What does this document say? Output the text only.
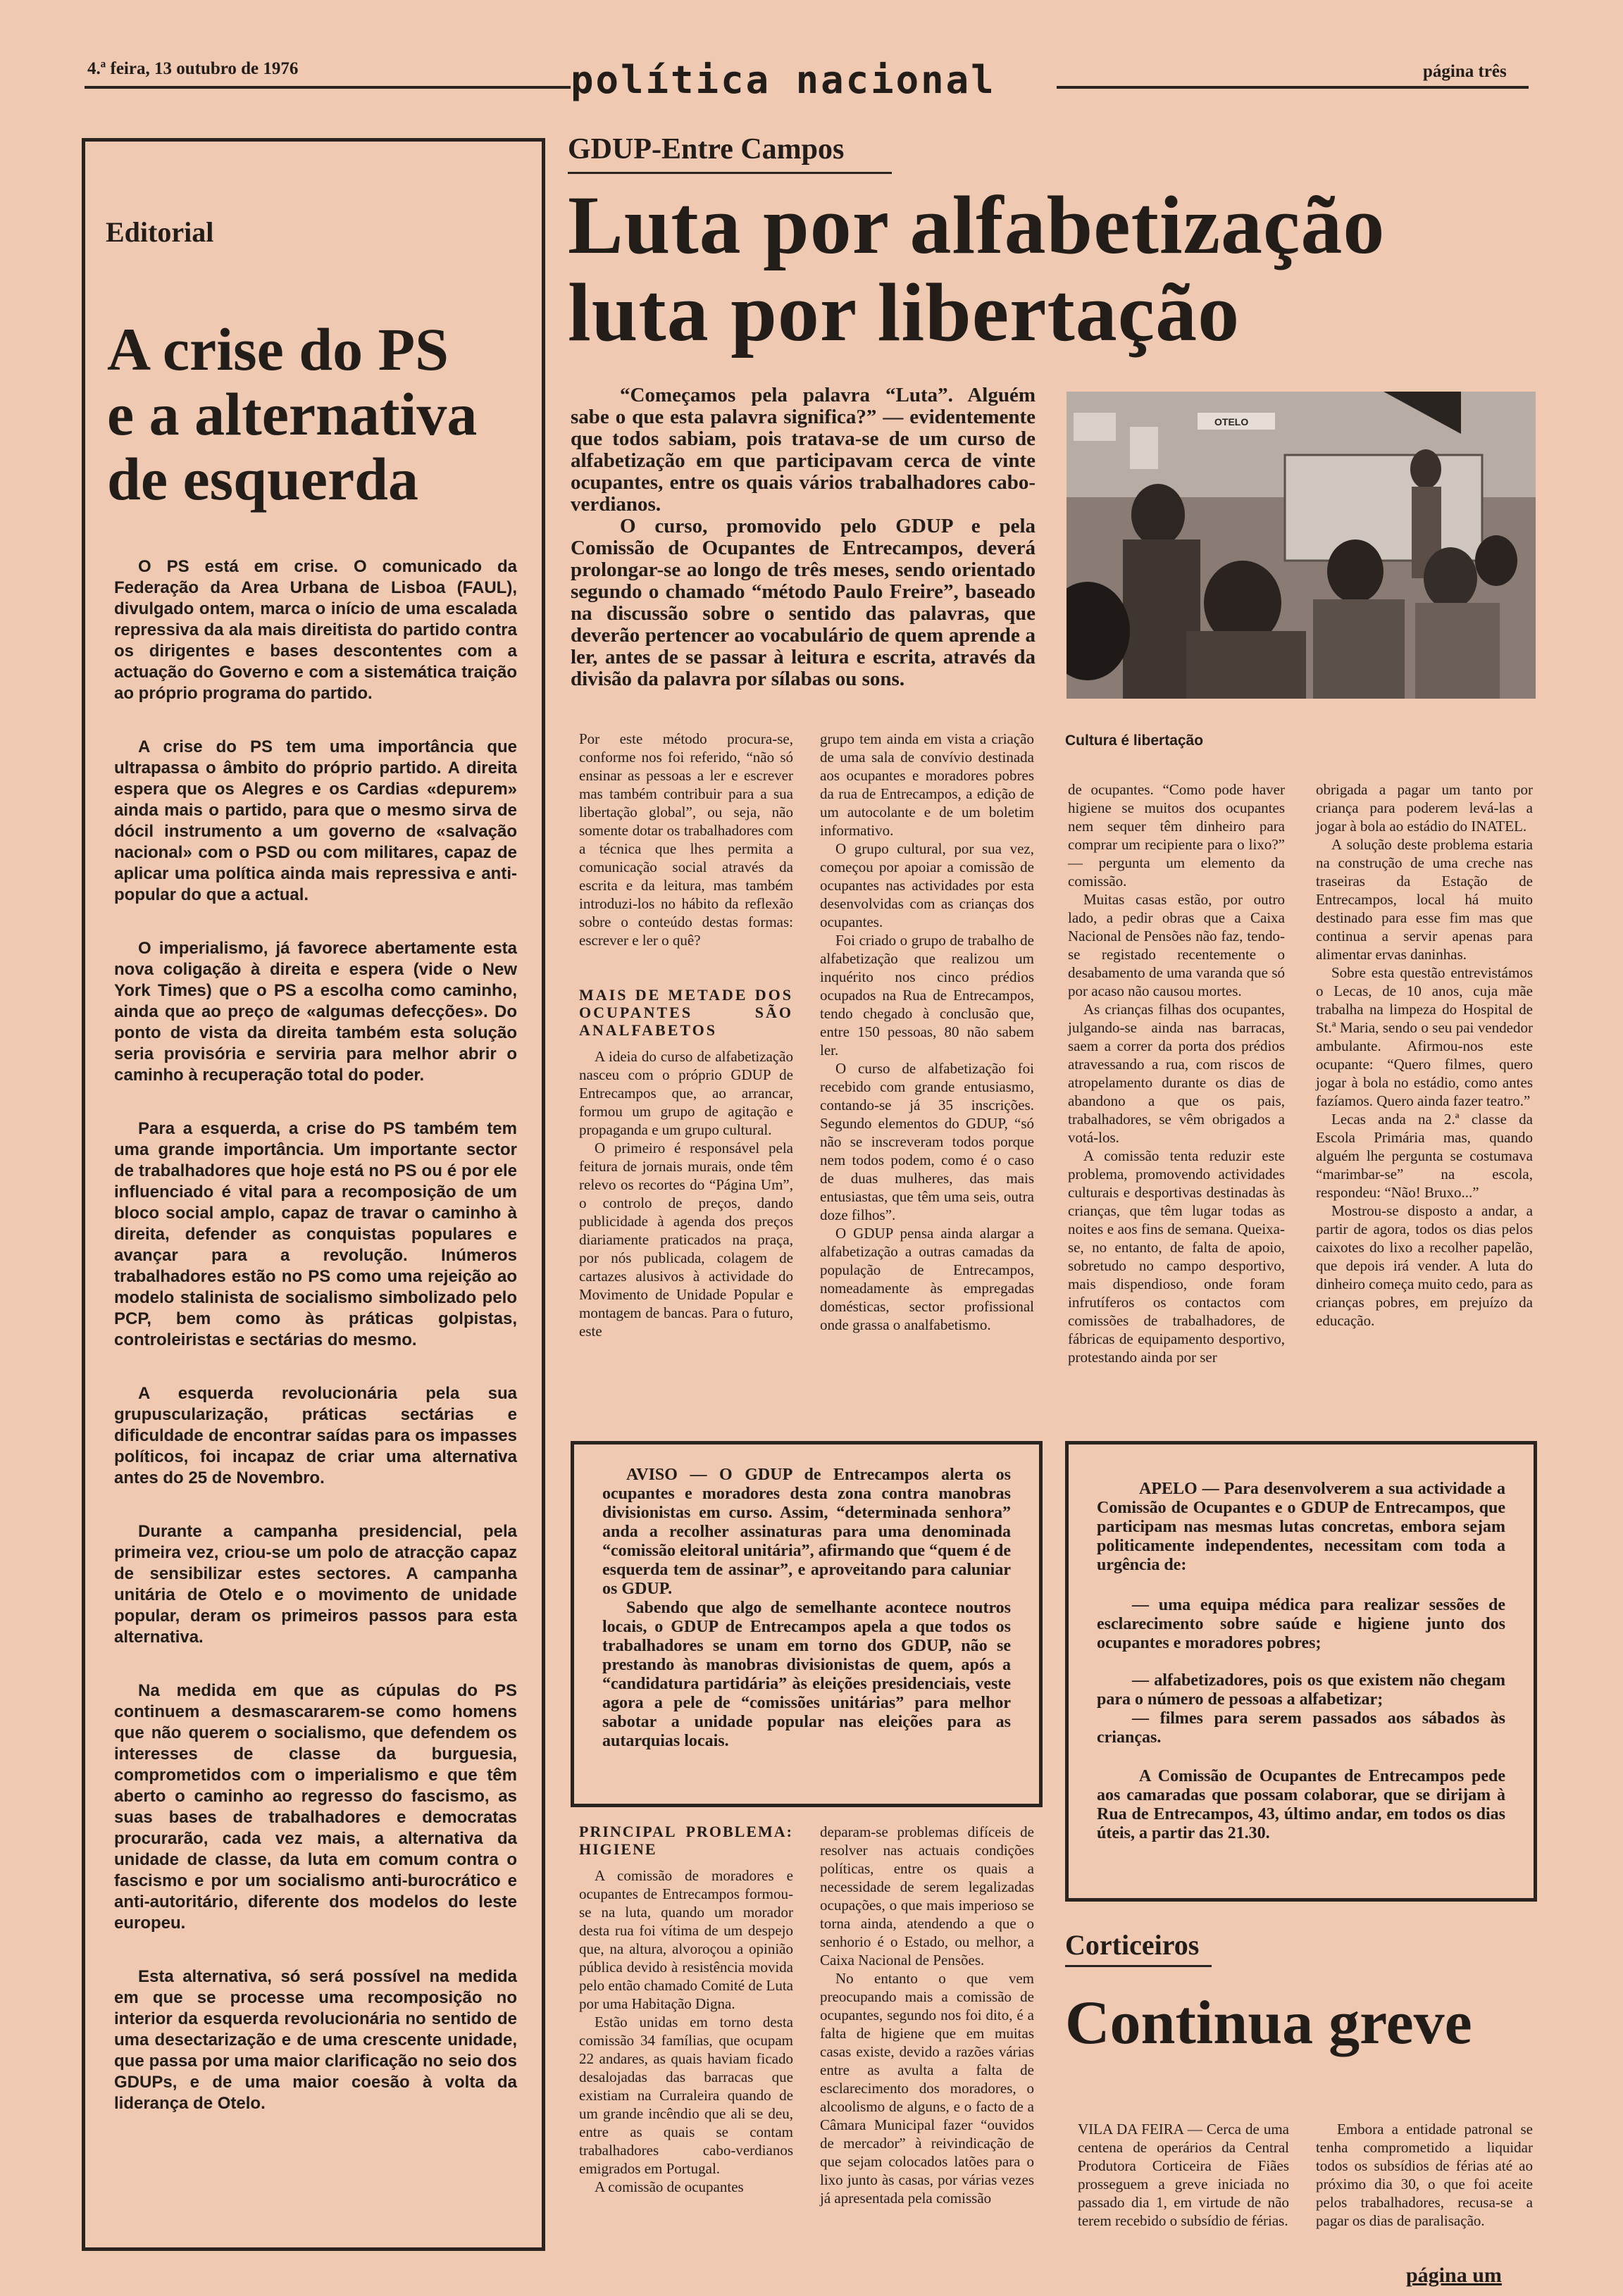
4.ª feira, 13 outubro de 1976	política nacional	página três
Editorial
A crise do PS
e a alternativa
de esquerda

O PS está em crise. O comunicado da Federação da Area Urbana de Lisboa (FAUL), divulgado ontem, marca o início de uma escalada repressiva da ala mais direitista do partido contra os dirigentes e bases descontentes com a actuação do Governo e com a sistemática traição ao próprio programa do partido.

A crise do PS tem uma importância que ultrapassa o âmbito do próprio partido. A direita espera que os Alegres e os Cardias «depurem» ainda mais o partido, para que o mesmo sirva de dócil instrumento a um governo de «salvação nacional» com o PSD ou com militares, capaz de aplicar uma política ainda mais repressiva e anti-popular do que a actual.

O imperialismo, já favorece abertamente esta nova coligação à direita e espera (vide o New York Times) que o PS a escolha como caminho, ainda que ao preço de «algumas defecções». Do ponto de vista da direita também esta solução seria provisória e serviria para melhor abrir o caminho à recuperação total do poder.

Para a esquerda, a crise do PS também tem uma grande importância. Um importante sector de trabalhadores que hoje está no PS ou é por ele influenciado é vital para a recomposição de um bloco social amplo, capaz de travar o caminho à direita, defender as conquistas populares e avançar para a revolução. Inúmeros trabalhadores estão no PS como uma rejeição ao modelo stalinista de socialismo simbolizado pelo PCP, bem como às práticas golpistas, controleiristas e sectárias do mesmo.

A esquerda revolucionária pela sua grupuscularização, práticas sectárias e dificuldade de encontrar saídas para os impasses políticos, foi incapaz de criar uma alternativa antes do 25 de Novembro.

Durante a campanha presidencial, pela primeira vez, criou-se um polo de atracção capaz de sensibilizar estes sectores. A campanha unitária de Otelo e o movimento de unidade popular, deram os primeiros passos para esta alternativa.

Na medida em que as cúpulas do PS continuem a desmascararem-se como homens que não querem o socialismo, que defendem os interesses de classe da burguesia, comprometidos com o imperialismo e que têm aberto o caminho ao regresso do fascismo, as suas bases de trabalhadores e democratas procurarão, cada vez mais, a alternativa da unidade de classe, da luta em comum contra o fascismo e por um socialismo anti-burocrático e anti-autoritário, diferente dos modelos do leste europeu.

Esta alternativa, só será possível na medida em que se processe uma recomposição no interior da esquerda revolucionária no sentido de uma desectarização e de uma crescente unidade, que passa por uma maior clarificação no seio dos GDUPs, e de uma maior coesão à volta da liderança de Otelo.

GDUP-Entre Campos
Luta por alfabetização
luta por libertação

“Começamos pela palavra “Luta”. Alguém sabe o que esta palavra significa?” — evidentemente que todos sabiam, pois tratava-se de um curso de alfabetização em que participavam cerca de vinte ocupantes, entre os quais vários trabalhadores cabo-verdianos.

O curso, promovido pelo GDUP e pela Comissão de Ocupantes de Entrecampos, deverá prolongar-se ao longo de três meses, sendo orientado segundo o chamado “método Paulo Freire”, baseado na discussão sobre o sentido das palavras, que deverão pertencer ao vocabulário de quem aprende a ler, antes de se passar à leitura e escrita, através da divisão da palavra por sílabas ou sons.

OTELO
Cultura é libertação

Por este método procura-se, conforme nos foi referido, “não só ensinar as pessoas a ler e escrever mas também contribuir para a sua libertação global”, ou seja, não somente dotar os trabalhadores com a técnica que lhes permita a comunicação social através da escrita e da leitura, mas também introduzi-los no hábito da reflexão sobre o conteúdo destas formas: escrever e ler o quê?

MAIS DE METADE DOS OCUPANTES SÃO ANALFABETOS

A ideia do curso de alfabetização nasceu com o próprio GDUP de Entrecampos que, ao arrancar, formou um grupo de agitação e propaganda e um grupo cultural.

O primeiro é responsável pela feitura de jornais murais, onde têm relevo os recortes do “Página Um”, o controlo de preços, dando publicidade à agenda dos preços diariamente praticados na praça, por nós publicada, colagem de cartazes alusivos à actividade do Movimento de Unidade Popular e montagem de bancas. Para o futuro, este

grupo tem ainda em vista a criação de uma sala de convívio destinada aos ocupantes e moradores pobres da rua de Entrecampos, a edição de um autocolante e de um boletim informativo.

O grupo cultural, por sua vez, começou por apoiar a comissão de ocupantes nas actividades por esta desenvolvidas com as crianças dos ocupantes.

Foi criado o grupo de trabalho de alfabetização que realizou um inquérito nos cinco prédios ocupados na Rua de Entrecampos, tendo chegado à conclusão que, entre 150 pessoas, 80 não sabem ler.

O curso de alfabetização foi recebido com grande entusiasmo, contando-se já 35 inscrições. Segundo elementos do GDUP, “só não se inscreveram todos porque nem todos podem, como é o caso de duas mulheres, das mais entusiastas, que têm uma seis, outra doze filhos”.

O GDUP pensa ainda alargar a alfabetização a outras camadas da população de Entrecampos, nomeadamente às empregadas domésticas, sector profissional onde grassa o analfabetismo.

de ocupantes. “Como pode haver higiene se muitos dos ocupantes nem sequer têm dinheiro para comprar um recipiente para o lixo?” — pergunta um elemento da comissão.

Muitas casas estão, por outro lado, a pedir obras que a Caixa Nacional de Pensões não faz, tendo-se registado recentemente o desabamento de uma varanda que só por acaso não causou mortes.

As crianças filhas dos ocupantes, julgando-se ainda nas barracas, saem a correr da porta dos prédios atravessando a rua, com riscos de atropelamento durante os dias de abandono a que os pais, trabalhadores, se vêm obrigados a votá-los.

A comissão tenta reduzir este problema, promovendo actividades culturais e desportivas destinadas às crianças, que têm lugar todas as noites e aos fins de semana. Queixa-se, no entanto, de falta de apoio, sobretudo no campo desportivo, mais dispendioso, onde foram infrutíferos os contactos com comissões de trabalhadores, de fábricas de equipamento desportivo, protestando ainda por ser

obrigada a pagar um tanto por criança para poderem levá-las a jogar à bola ao estádio do INATEL.

A solução deste problema estaria na construção de uma creche nas traseiras da Estação de Entrecampos, local há muito destinado para esse fim mas que continua a servir apenas para alimentar ervas daninhas.

Sobre esta questão entrevistámos o Lecas, de 10 anos, cuja mãe trabalha na limpeza do Hospital de St.ª Maria, sendo o seu pai vendedor ambulante. Afirmou-nos este ocupante: “Quero filmes, quero jogar à bola no estádio, como antes fazíamos. Quero ainda fazer teatro.”

Lecas anda na 2.ª classe da Escola Primária mas, quando alguém lhe pergunta se costumava “marimbar-se” na escola, respondeu: “Não! Bruxo...”

Mostrou-se disposto a andar, a partir de agora, todos os dias pelos caixotes do lixo a recolher papelão, que depois irá vender. A luta do dinheiro começa muito cedo, para as crianças pobres, em prejuízo da educação.

AVISO — O GDUP de Entrecampos alerta os ocupantes e moradores desta zona contra manobras divisionistas em curso. Assim, “determinada senhora” anda a recolher assinaturas para uma denominada “comissão eleitoral unitária”, afirmando que “quem é de esquerda tem de assinar”, e aproveitando para caluniar os GDUP.

Sabendo que algo de semelhante acontece noutros locais, o GDUP de Entrecampos apela a que todos os trabalhadores se unam em torno dos GDUP, não se prestando às manobras divisionistas de quem, após a “candidatura partidária” às eleições presidenciais, veste agora a pele de “comissões unitárias” para melhor sabotar a unidade popular nas eleições para as autarquias locais.

APELO — Para desenvolverem a sua actividade a Comissão de Ocupantes e o GDUP de Entrecampos, que participam nas mesmas lutas concretas, embora sejam politicamente independentes, necessitam com toda a urgência de:

— uma equipa médica para realizar sessões de esclarecimento sobre saúde e higiene junto dos ocupantes e moradores pobres;

— alfabetizadores, pois os que existem não chegam para o número de pessoas a alfabetizar;

— filmes para serem passados aos sábados às crianças.

A Comissão de Ocupantes de Entrecampos pede aos camaradas que possam colaborar, que se dirijam à Rua de Entrecampos, 43, último andar, em todos os dias úteis, a partir das 21.30.

PRINCIPAL PROBLEMA: HIGIENE

A comissão de moradores e ocupantes de Entrecampos formou-se na luta, quando um morador desta rua foi vítima de um despejo que, na altura, alvoroçou a opinião pública devido à resistência movida pelo então chamado Comité de Luta por uma Habitação Digna.

Estão unidas em torno desta comissão 34 famílias, que ocupam 22 andares, as quais haviam ficado desalojadas das barracas que existiam na Curraleira quando de um grande incêndio que ali se deu, entre as quais se contam trabalhadores cabo-verdianos emigrados em Portugal.

A comissão de ocupantes

deparam-se problemas difíceis de resolver nas actuais condições políticas, entre os quais a necessidade de serem legalizadas ocupações, o que mais imperioso se torna ainda, atendendo a que o senhorio é o Estado, ou melhor, a Caixa Nacional de Pensões.

No entanto o que vem preocupando mais a comissão de ocupantes, segundo nos foi dito, é a falta de higiene que em muitas casas existe, devido a razões várias entre as avulta a falta de esclarecimento dos moradores, o alcoolismo de alguns, e o facto de a Câmara Municipal fazer “ouvidos de mercador” à reivindicação de que sejam colocados latões para o lixo junto às casas, por várias vezes já apresentada pela comissão

Corticeiros
Continua greve

VILA DA FEIRA — Cerca de uma centena de operários da Central Produtora Corticeira de Fiães prosseguem a greve iniciada no passado dia 1, em virtude de não terem recebido o subsídio de férias.

Embora a entidade patronal se tenha comprometido a liquidar todos os subsídios de férias até ao próximo dia 30, o que foi aceite pelos trabalhadores, recusa-se a pagar os dias de paralisação.

página um
